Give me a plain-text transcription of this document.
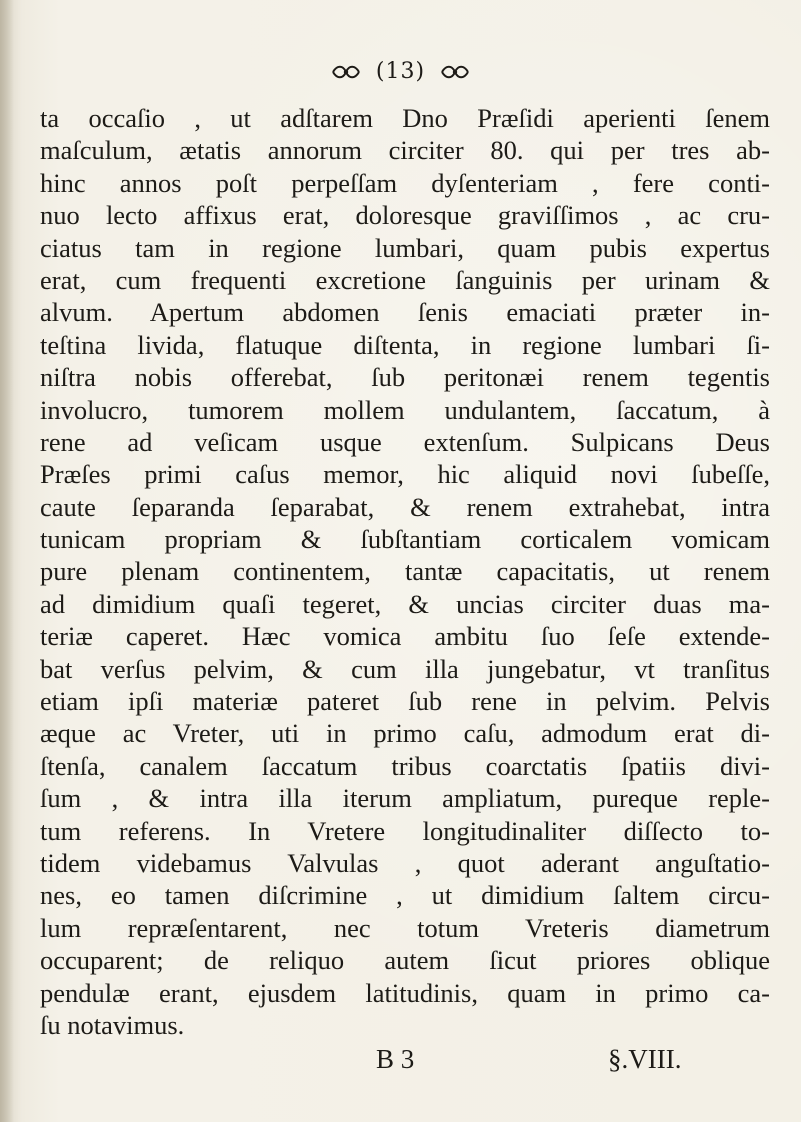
(13)
ta occaſio , ut adſtarem Dno Præſidi aperienti ſenem
maſculum, ætatis annorum circiter 80. qui per tres ab-
hinc annos poſt perpeſſam dyſenteriam , fere conti-
nuo lecto affixus erat, doloresque graviſſimos , ac cru-
ciatus tam in regione lumbari, quam pubis expertus
erat, cum frequenti excretione ſanguinis per urinam &
alvum. Apertum abdomen ſenis emaciati præter in-
teſtina livida, flatuque diſtenta, in regione lumbari ſi-
niſtra nobis offerebat, ſub peritonæi renem tegentis
involucro, tumorem mollem undulantem, ſaccatum, à
rene ad veſicam usque extenſum. Sulpicans Deus
Præſes primi caſus memor, hic aliquid novi ſubeſſe,
caute ſeparanda ſeparabat, & renem extrahebat, intra
tunicam propriam & ſubſtantiam corticalem vomicam
pure plenam continentem, tantæ capacitatis, ut renem
ad dimidium quaſi tegeret, & uncias circiter duas ma-
teriæ caperet. Hæc vomica ambitu ſuo ſeſe extende-
bat verſus pelvim, & cum illa jungebatur, vt tranſitus
etiam ipſi materiæ pateret ſub rene in pelvim. Pelvis
æque ac Vreter, uti in primo caſu, admodum erat di-
ſtenſa, canalem ſaccatum tribus coarctatis ſpatiis divi-
ſum , & intra illa iterum ampliatum, pureque reple-
tum referens. In Vretere longitudinaliter diſſecto to-
tidem videbamus Valvulas , quot aderant anguſtatio-
nes, eo tamen diſcrimine , ut dimidium ſaltem circu-
lum repræſentarent, nec totum Vreteris diametrum
occuparent; de reliquo autem ſicut priores oblique
pendulæ erant, ejusdem latitudinis, quam in primo ca-
ſu notavimus.
B 3	§.VIII.
